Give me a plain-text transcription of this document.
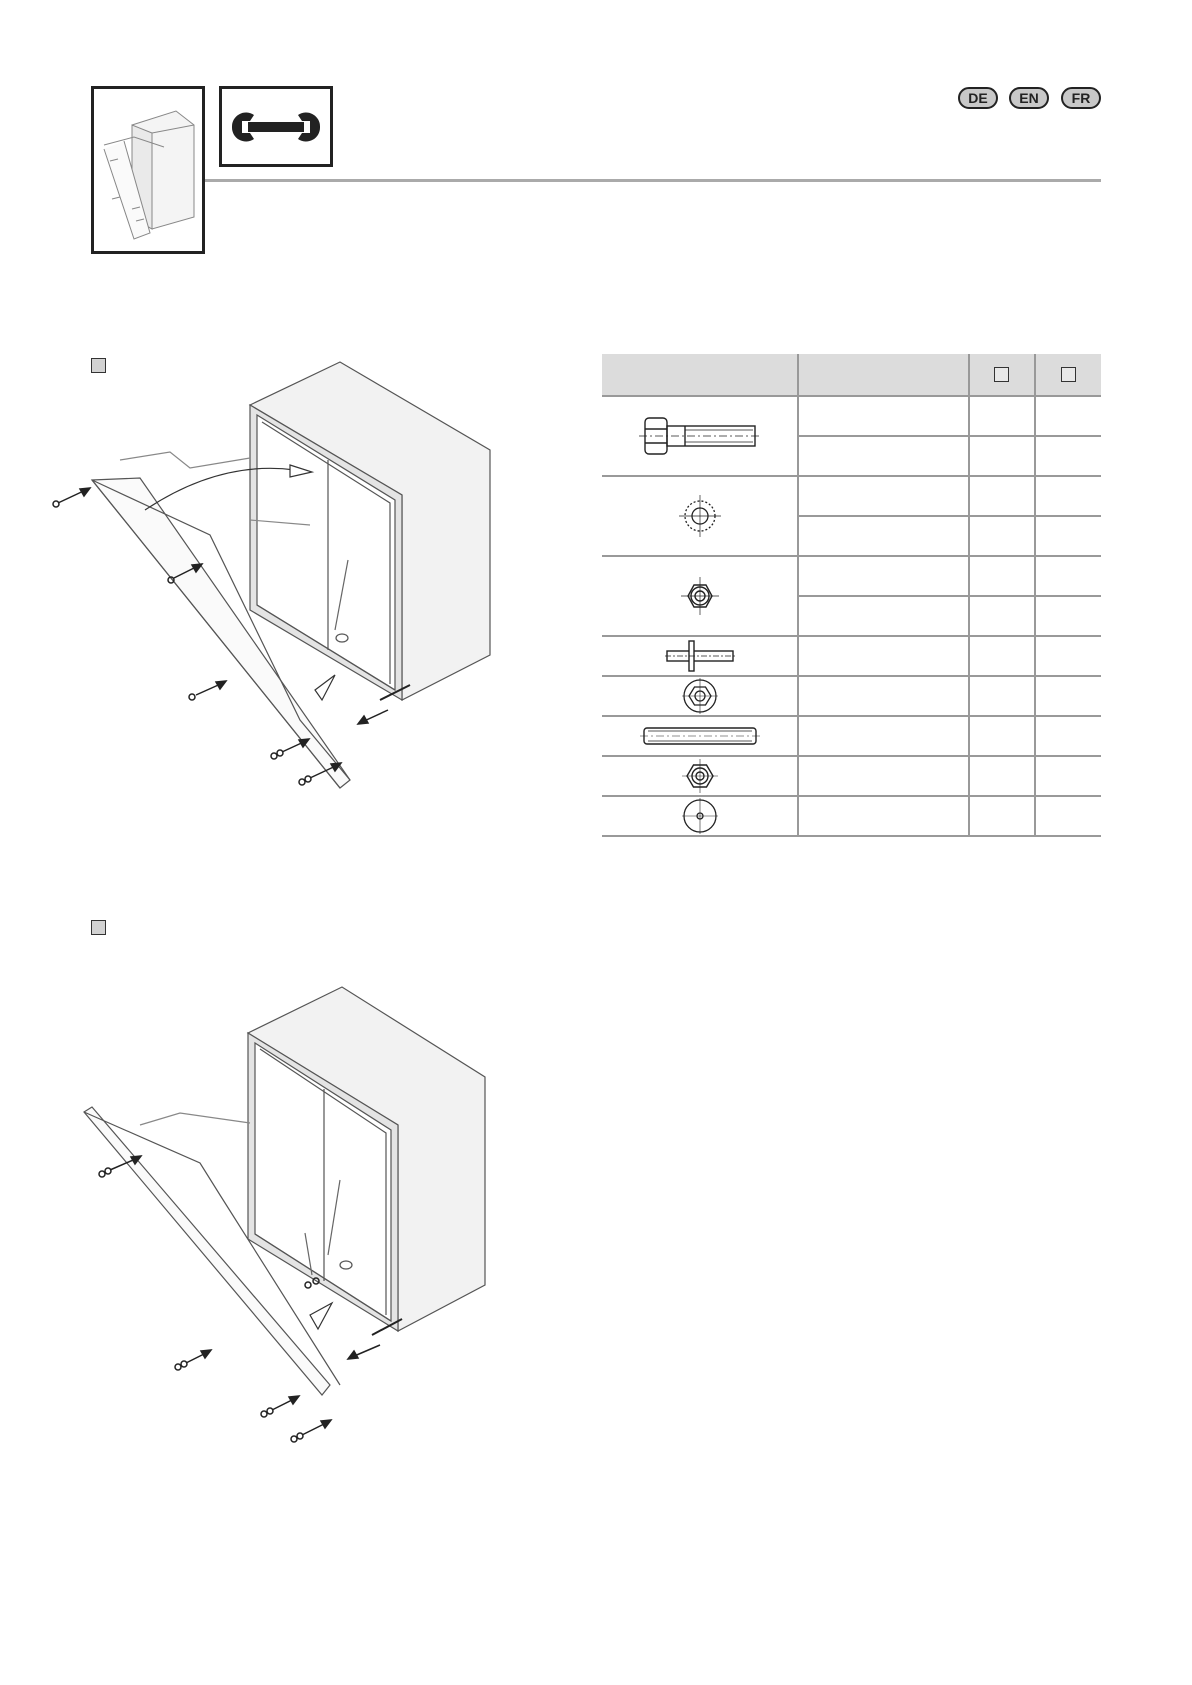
DE	EN	FR
